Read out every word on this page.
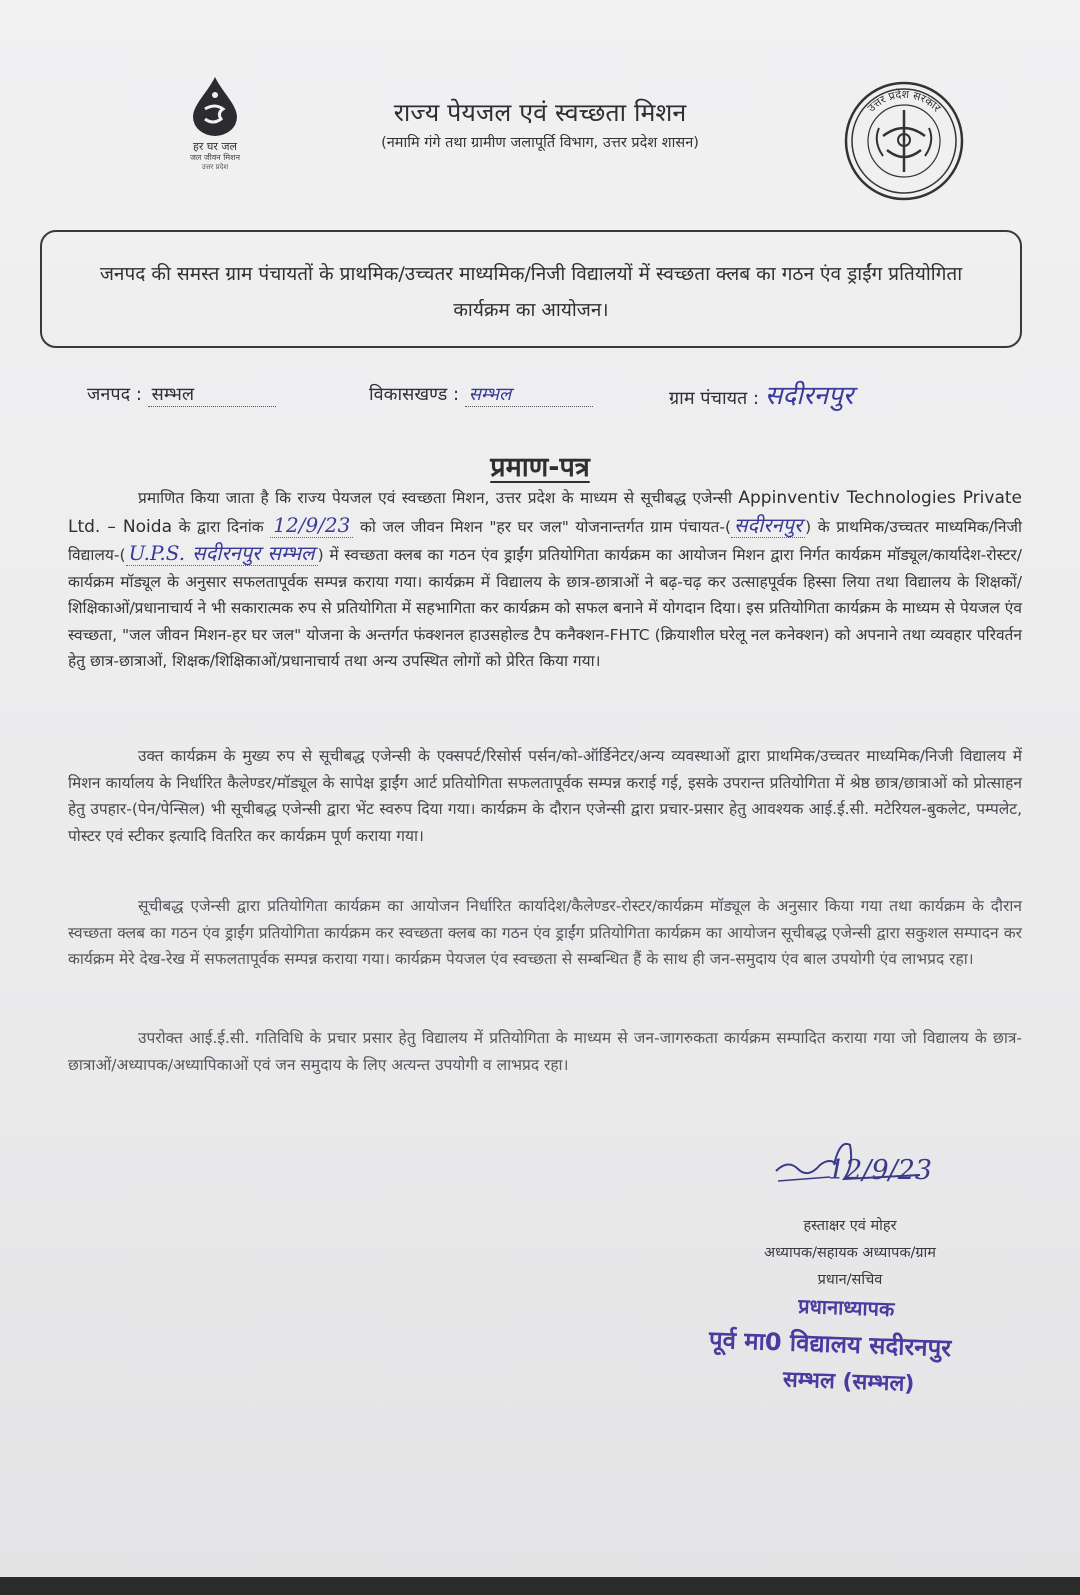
हर घर जल
जल जीवन मिशन
उत्तर प्रदेश
राज्य पेयजल एवं स्वच्छता मिशन
(नमामि गंगे तथा ग्रामीण जलापूर्ति विभाग, उत्तर प्रदेश शासन)
उत्तर प्रदेश सरकार
जनपद की समस्त ग्राम पंचायतों के प्राथमिक/उच्चतर माध्यमिक/निजी विद्यालयों में स्वच्छता क्लब का गठन एंव ड्राईंग प्रतियोगिता कार्यक्रम का आयोजन।
जनपद : सम्भल	विकासखण्ड : सम्भल	ग्राम पंचायत : सदीरनपुर
प्रमाण-पत्र
प्रमाणित किया जाता है कि राज्य पेयजल एवं स्वच्छता मिशन, उत्तर प्रदेश के माध्यम से सूचीबद्ध एजेन्सी Appinventiv Technologies Private Ltd. – Noida के द्वारा दिनांक 12/9/23 को जल जीवन मिशन "हर घर जल" योजनान्तर्गत ग्राम पंचायत-( सदीरनपुर ) के प्राथमिक/उच्चतर माध्यमिक/निजी विद्यालय-( U.P.S. सदीरनपुर सम्भल ) में स्वच्छता क्लब का गठन एंव ड्राईंग प्रतियोगिता कार्यक्रम का आयोजन मिशन द्वारा निर्गत कार्यक्रम मॉड्यूल/कार्यादेश-रोस्टर/कार्यक्रम मॉड्यूल के अनुसार सफलतापूर्वक सम्पन्न कराया गया। कार्यक्रम में विद्यालय के छात्र-छात्राओं ने बढ़-चढ़ कर उत्साहपूर्वक हिस्सा लिया तथा विद्यालय के शिक्षकों/शिक्षिकाओं/प्रधानाचार्य ने भी सकारात्मक रुप से प्रतियोगिता में सहभागिता कर कार्यक्रम को सफल बनाने में योगदान दिया। इस प्रतियोगिता कार्यक्रम के माध्यम से पेयजल एंव स्वच्छता, "जल जीवन मिशन-हर घर जल" योजना के अन्तर्गत फंक्शनल हाउसहोल्ड टैप कनैक्शन-FHTC (क्रियाशील घरेलू नल कनेक्शन) को अपनाने तथा व्यवहार परिवर्तन हेतु छात्र-छात्राओं, शिक्षक/शिक्षिकाओं/प्रधानाचार्य तथा अन्य उपस्थित लोगों को प्रेरित किया गया।
उक्त कार्यक्रम के मुख्य रुप से सूचीबद्ध एजेन्सी के एक्सपर्ट/रिसोर्स पर्सन/को-ऑर्डिनेटर/अन्य व्यवस्थाओं द्वारा प्राथमिक/उच्चतर माध्यमिक/निजी विद्यालय में मिशन कार्यालय के निर्धारित कैलेण्डर/मॉड्यूल के सापेक्ष ड्राईंग आर्ट प्रतियोगिता सफलतापूर्वक सम्पन्न कराई गई, इसके उपरान्त प्रतियोगिता में श्रेष्ठ छात्र/छात्राओं को प्रोत्साहन हेतु उपहार-(पेन/पेन्सिल) भी सूचीबद्ध एजेन्सी द्वारा भेंट स्वरुप दिया गया। कार्यक्रम के दौरान एजेन्सी द्वारा प्रचार-प्रसार हेतु आवश्यक आई.ई.सी. मटेरियल-बुकलेट, पम्पलेट, पोस्टर एवं स्टीकर इत्यादि वितरित कर कार्यक्रम पूर्ण कराया गया।
सूचीबद्ध एजेन्सी द्वारा प्रतियोगिता कार्यक्रम का आयोजन निर्धारित कार्यादेश/कैलेण्डर-रोस्टर/कार्यक्रम मॉड्यूल के अनुसार किया गया तथा कार्यक्रम के दौरान स्वच्छता क्लब का गठन एंव ड्राईंग प्रतियोगिता कार्यक्रम कर स्वच्छता क्लब का गठन एंव ड्राईंग प्रतियोगिता कार्यक्रम का आयोजन सूचीबद्ध एजेन्सी द्वारा सकुशल सम्पादन कर कार्यक्रम मेरे देख-रेख में सफलतापूर्वक सम्पन्न कराया गया। कार्यक्रम पेयजल एंव स्वच्छता से सम्बन्धित हैं के साथ ही जन-समुदाय एंव बाल उपयोगी एंव लाभप्रद रहा।
उपरोक्त आई.ई.सी. गतिविधि के प्रचार प्रसार हेतु विद्यालय में प्रतियोगिता के माध्यम से जन-जागरुकता कार्यक्रम सम्पादित कराया गया जो विद्यालय के छात्र-छात्राओं/अध्यापक/अध्यापिकाओं एवं जन समुदाय के लिए अत्यन्त उपयोगी व लाभप्रद रहा।
12/9/23
हस्ताक्षर एवं मोहर
अध्यापक/सहायक अध्यापक/ग्राम
प्रधान/सचिव
प्रधानाध्यापक
पूर्व मा0 विद्यालय सदीरनपुर
सम्भल (सम्भल)
